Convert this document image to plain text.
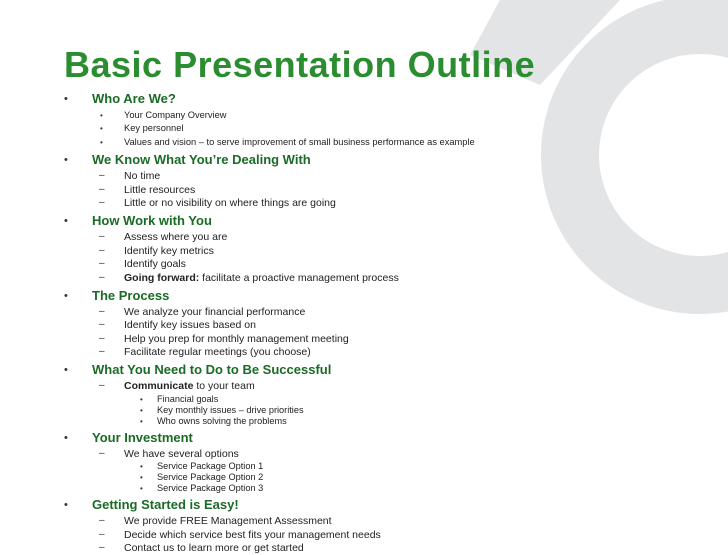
Basic Presentation Outline
• Who Are We?
• Your Company Overview
• Key personnel
• Values and vision – to serve improvement of small business performance as example
• We Know What You’re Dealing With
– No time
– Little resources
– Little or no visibility on where things are going
• How Work with You
– Assess where you are
– Identify key metrics
– Identify goals
– Going forward: facilitate a proactive management process
• The Process
– We analyze your financial performance
– Identify key issues based on
– Help you prep for monthly management meeting
– Facilitate regular meetings (you choose)
• What You Need to Do to Be Successful
– Communicate to your team
• Financial goals
• Key monthly issues – drive priorities
• Who owns solving the problems
• Your Investment
– We have several options
• Service Package Option 1
• Service Package Option 2
• Service Package Option 3
• Getting Started is Easy!
– We provide FREE Management Assessment
– Decide which service best fits your management needs
– Contact us to learn more or get started
